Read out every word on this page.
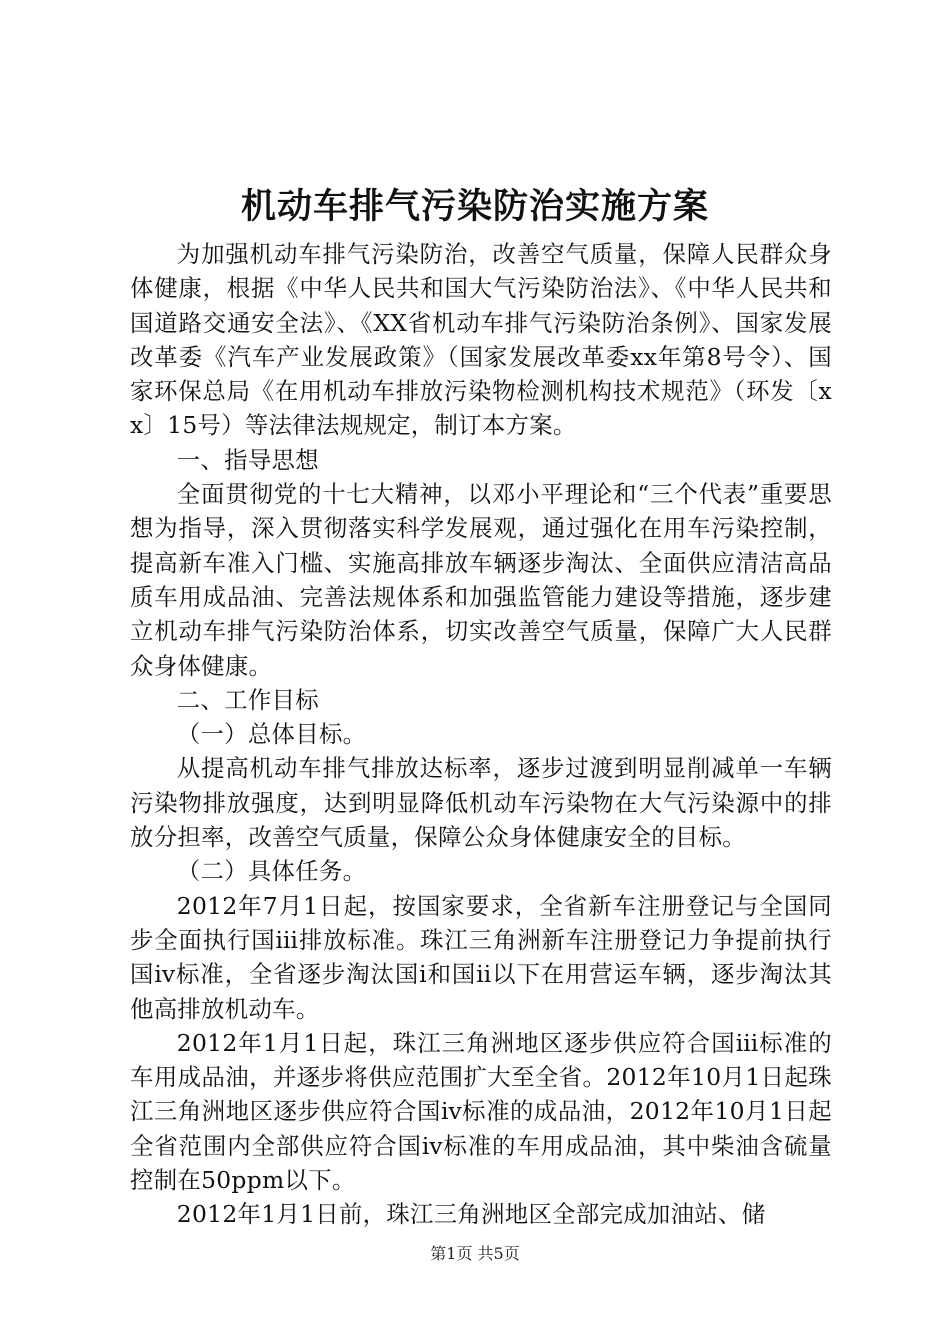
机动车排气污染防治实施方案

为加强机动车排气污染防治，改善空气质量，保障人民群众身体健康，根据《中华人民共和国大气污染防治法》、《中华人民共和国道路交通安全法》、《XX省机动车排气污染防治条例》、国家发展改革委《汽车产业发展政策》（国家发展改革委xx年第8号令）、国家环保总局《在用机动车排放污染物检测机构技术规范》（环发〔xx〕15号）等法律法规规定，制订本方案。

一、指导思想

全面贯彻党的十七大精神，以邓小平理论和“三个代表”重要思想为指导，深入贯彻落实科学发展观，通过强化在用车污染控制，提高新车准入门槛、实施高排放车辆逐步淘汰、全面供应清洁高品质车用成品油、完善法规体系和加强监管能力建设等措施，逐步建立机动车排气污染防治体系，切实改善空气质量，保障广大人民群众身体健康。

二、工作目标

（一）总体目标。

从提高机动车排气排放达标率，逐步过渡到明显削减单一车辆污染物排放强度，达到明显降低机动车污染物在大气污染源中的排放分担率，改善空气质量，保障公众身体健康安全的目标。

（二）具体任务。

2012年7月1日起，按国家要求，全省新车注册登记与全国同步全面执行国ⅲ排放标准。珠江三角洲新车注册登记力争提前执行国ⅳ标准，全省逐步淘汰国ⅰ和国ⅱ以下在用营运车辆，逐步淘汰其他高排放机动车。

2012年1月1日起，珠江三角洲地区逐步供应符合国ⅲ标准的车用成品油，并逐步将供应范围扩大至全省。2012年10月1日起珠江三角洲地区逐步供应符合国ⅳ标准的成品油，2012年10月1日起全省范围内全部供应符合国ⅳ标准的车用成品油，其中柴油含硫量控制在50ppm以下。

2012年1月1日前，珠江三角洲地区全部完成加油站、储

第1页 共5页
